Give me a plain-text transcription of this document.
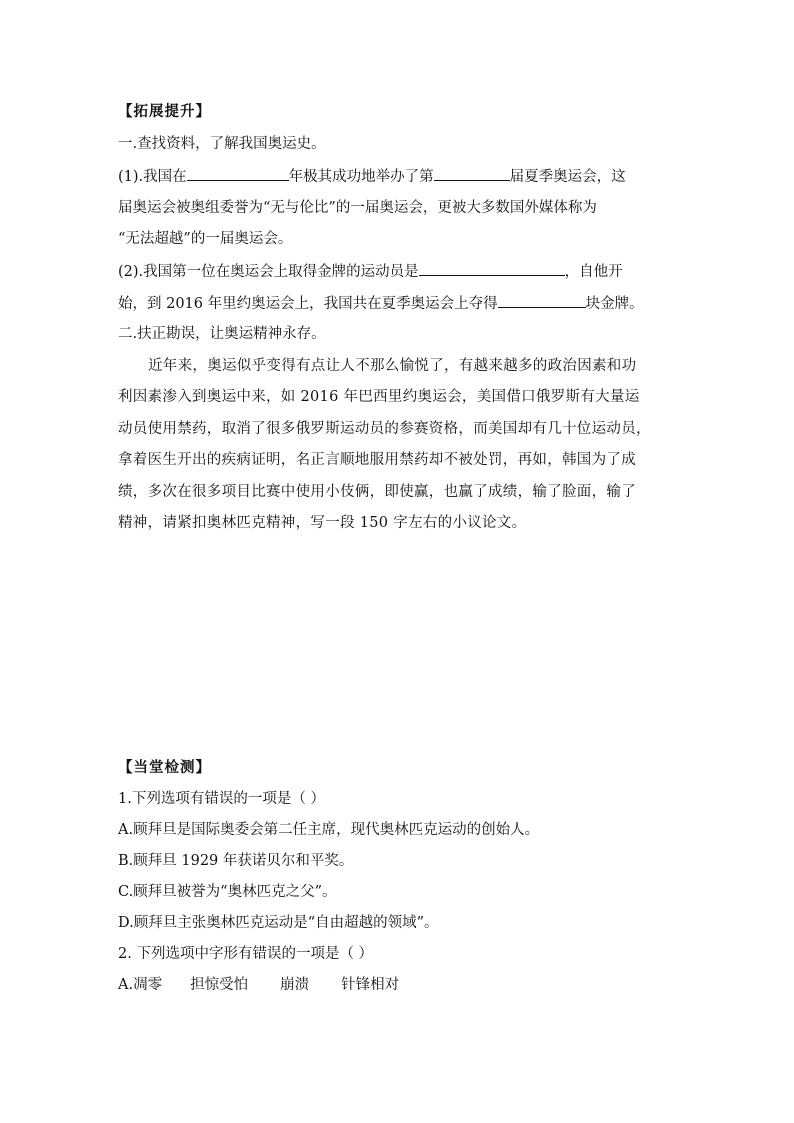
【拓展提升】
一.查找资料，了解我国奥运史。
(1).我国在	年极其成功地举办了第	届夏季奥运会，这
届奥运会被奥组委誉为“无与伦比”的一届奥运会，更被大多数国外媒体称为
“无法超越”的一届奥运会。
(2).我国第一位在奥运会上取得金牌的运动员是	，自他开
始，到 2016 年里约奥运会上，我国共在夏季奥运会上夺得	块金牌。
二.扶正勘误，让奥运精神永存。
近年来，奥运似乎变得有点让人不那么愉悦了，有越来越多的政治因素和功
利因素渗入到奥运中来，如 2016 年巴西里约奥运会，美国借口俄罗斯有大量运
动员使用禁药，取消了很多俄罗斯运动员的参赛资格，而美国却有几十位运动员，
拿着医生开出的疾病证明，名正言顺地服用禁药却不被处罚，再如，韩国为了成
绩，多次在很多项目比赛中使用小伎俩，即使赢，也赢了成绩，输了脸面，输了
精神，请紧扣奥林匹克精神，写一段 150 字左右的小议论文。
【当堂检测】
1.下列选项有错误的一项是（ ）
A.顾拜旦是国际奥委会第二任主席，现代奥林匹克运动的创始人。
B.顾拜旦 1929 年获诺贝尔和平奖。
C.顾拜旦被誉为“奥林匹克之父”。
D.顾拜旦主张奥林匹克运动是“自由超越的领域”。
2. 下列选项中字形有错误的一项是（ ）
A.凋零 担惊受怕 崩溃 针锋相对
